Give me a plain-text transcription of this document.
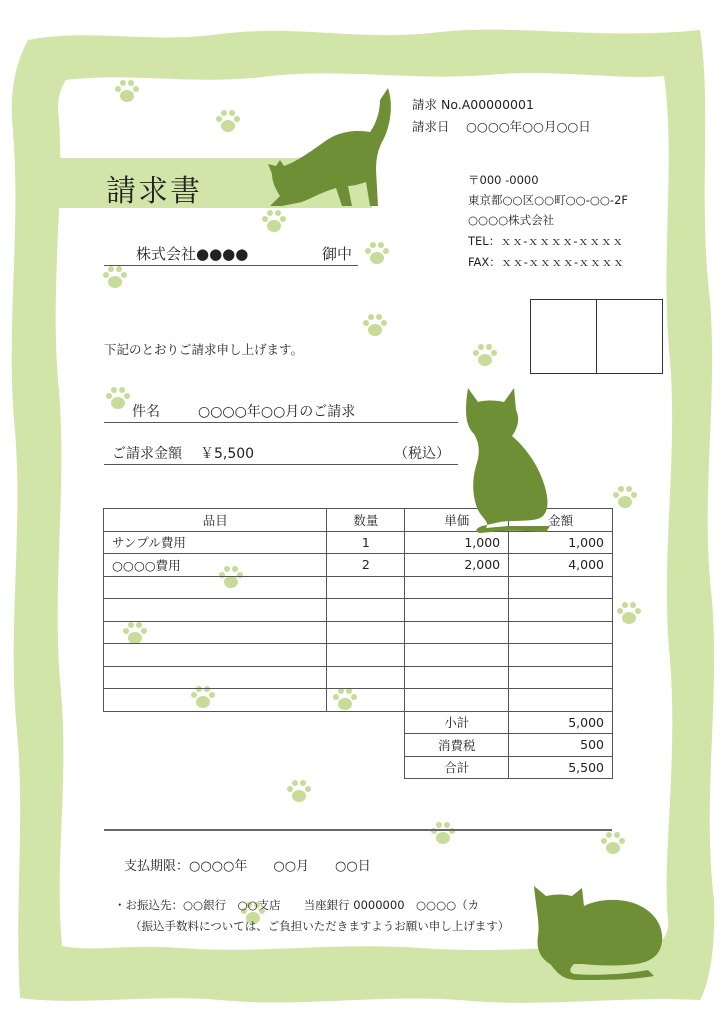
請求書
請求 No.A00000001
請求日 ○○○○年○○月○○日
〒000 -0000
東京都○○区○○町○○-○○-2F
○○○○株式会社
TEL：ｘｘ-ｘｘｘｘ-ｘｘｘｘ
FAX：ｘｘ-ｘｘｘｘ-ｘｘｘｘ
株式会社●●●●	御中
下記のとおりご請求申し上げます。
件名	○○○○年○○月のご請求
ご請求金額 ￥5,500	（税込）
品目	数量	単価	金額
サンプル費用	1	1,000	1,000
○○○○費用	2	2,000	4,000

		小計	5,000
		消費税	500
		合計	5,500
支払期限：○○○○年　　○○月　　○○日
・お振込先：○○銀行　○○支店　　当座銀行 0000000　○○○○（カ
（振込手数料については、ご負担いただきますようお願い申し上げます）
